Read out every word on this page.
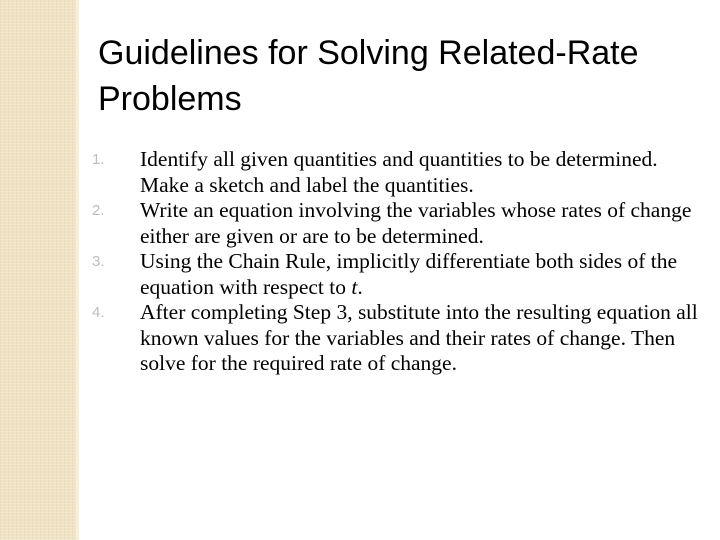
Guidelines for Solving Related-Rate Problems
1. Identify all given quantities and quantities to be determined. Make a sketch and label the quantities.
2. Write an equation involving the variables whose rates of change either are given or are to be determined.
3. Using the Chain Rule, implicitly differentiate both sides of the equation with respect to t.
4. After completing Step 3, substitute into the resulting equation all known values for the variables and their rates of change. Then solve for the required rate of change.
